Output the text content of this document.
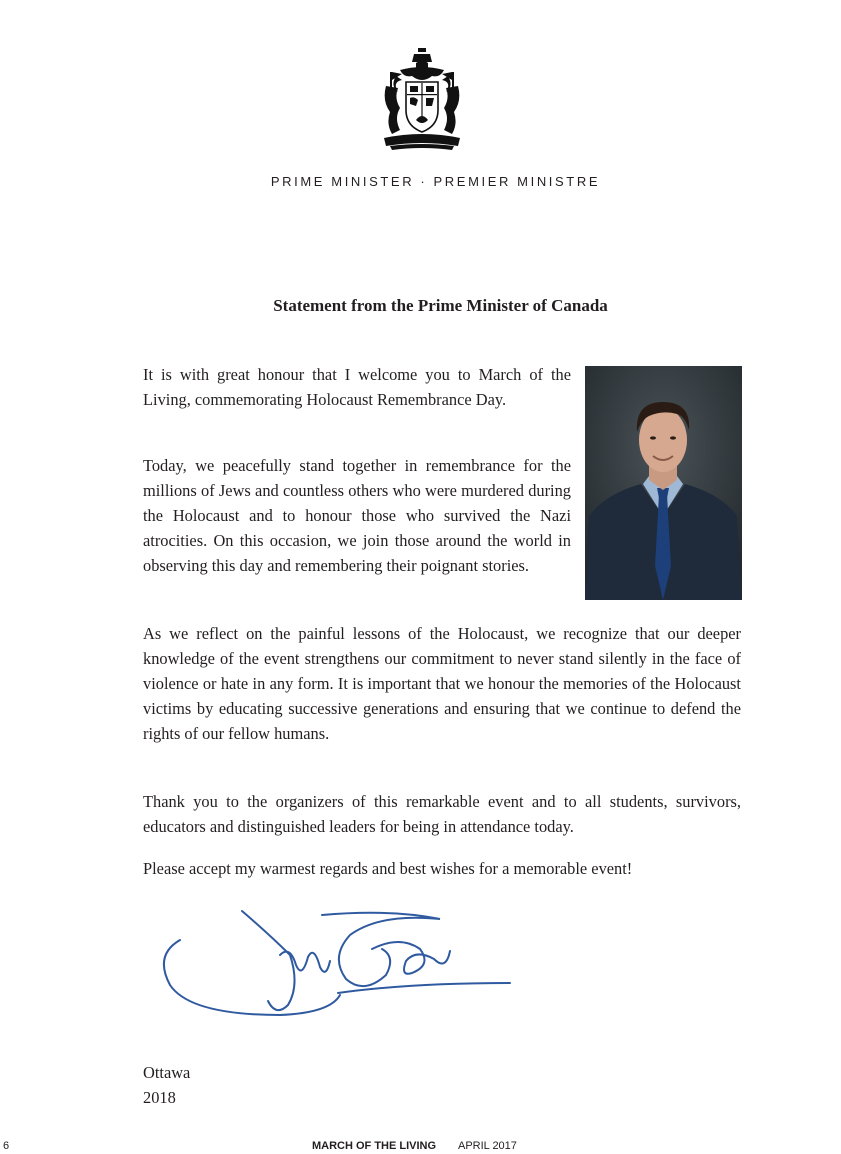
PRIME MINISTER · PREMIER MINISTRE
Statement from the Prime Minister of Canada

It is with great honour that I welcome you to March of the Living, commemorating Holocaust Remembrance Day.

Today, we peacefully stand together in remembrance for the millions of Jews and countless others who were murdered during the Holocaust and to honour those who survived the Nazi atrocities. On this occasion, we join those around the world in observing this day and remembering their poignant stories.

As we reflect on the painful lessons of the Holocaust, we recognize that our deeper knowledge of the event strengthens our commitment to never stand silently in the face of violence or hate in any form. It is important that we honour the memories of the Holocaust victims by educating successive generations and ensuring that we continue to defend the rights of our fellow humans.

Thank you to the organizers of this remarkable event and to all students, survivors, educators and distinguished leaders for being in attendance today.

Please accept my warmest regards and best wishes for a memorable event!

Ottawa
2018
6	MARCH OF THE LIVING APRIL 2017
